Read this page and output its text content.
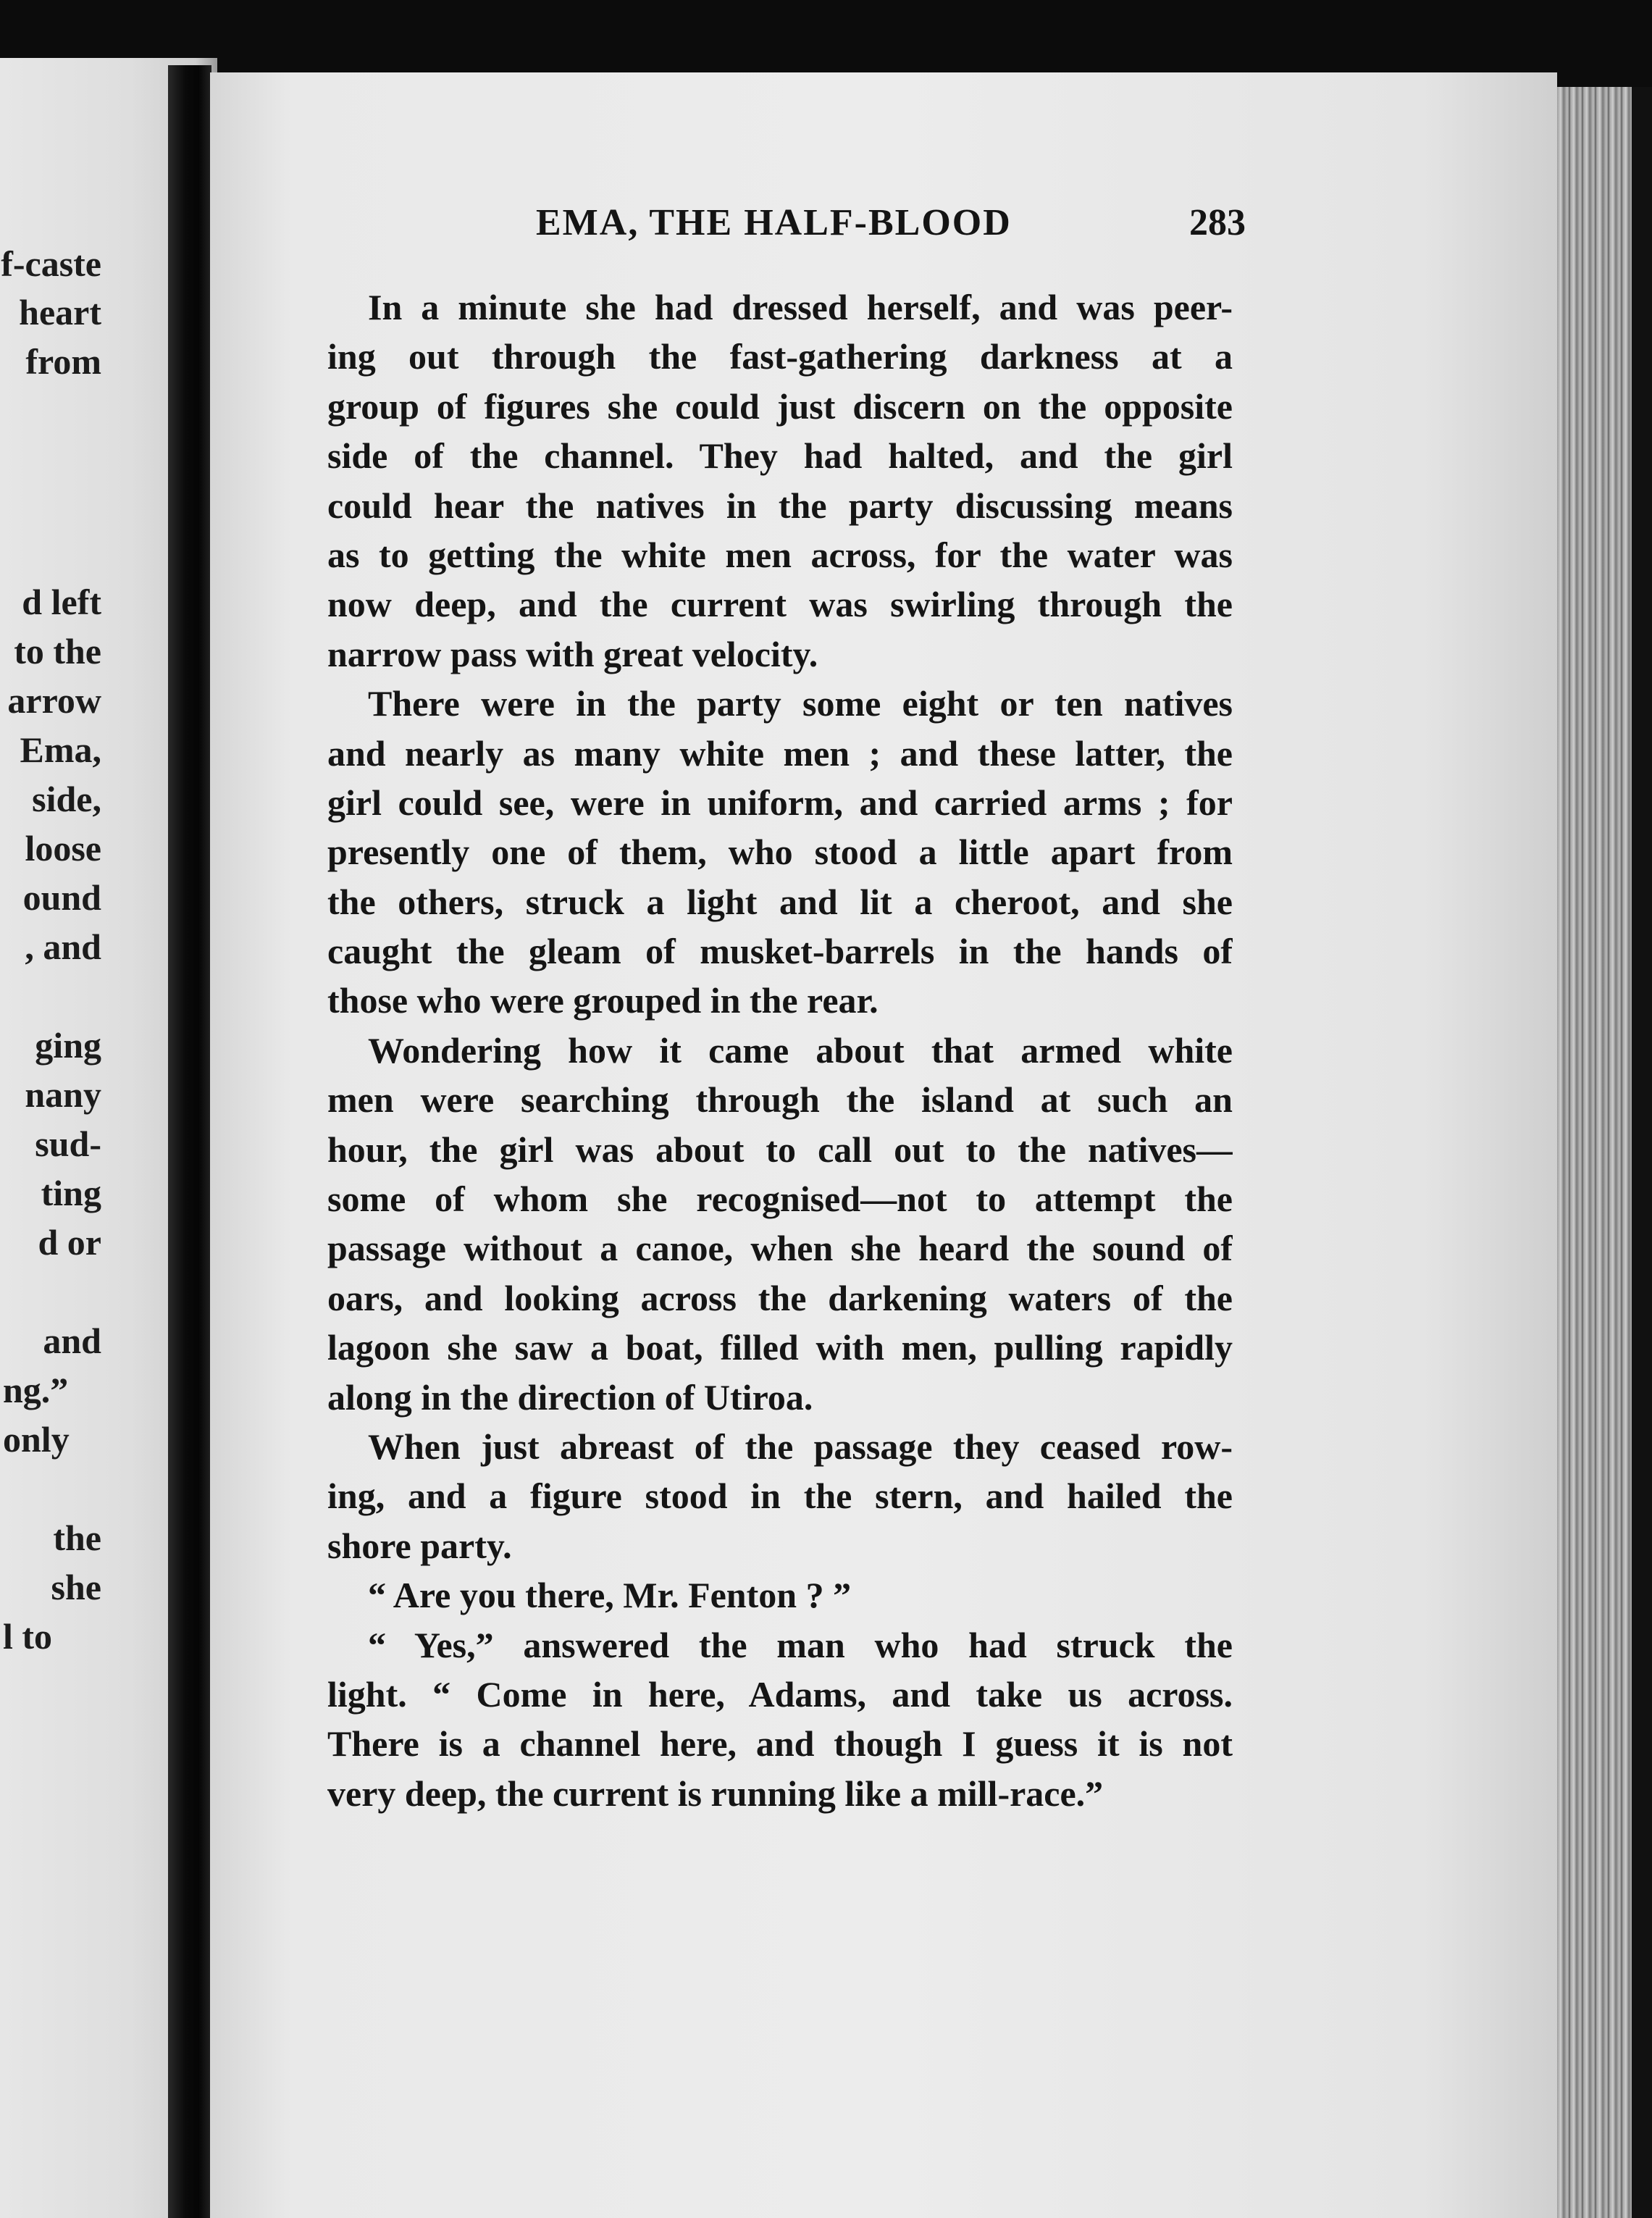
f-caste
heart
from
d left
to the
arrow
Ema,
side,
loose
ound
, and
ging
nany
sud-
ting
d or
and
ng.”
only
the
she
l to
EMA, THE HALF-BLOOD	283
In a minute she had dressed herself, and was peer-
ing out through the fast-gathering darkness at a
group of figures she could just discern on the opposite
side of the channel. They had halted, and the girl
could hear the natives in the party discussing means
as to getting the white men across, for the water was
now deep, and the current was swirling through the
narrow pass with great velocity.
There were in the party some eight or ten natives
and nearly as many white men ; and these latter, the
girl could see, were in uniform, and carried arms ; for
presently one of them, who stood a little apart from
the others, struck a light and lit a cheroot, and she
caught the gleam of musket-barrels in the hands of
those who were grouped in the rear.
Wondering how it came about that armed white
men were searching through the island at such an
hour, the girl was about to call out to the natives—
some of whom she recognised—not to attempt the
passage without a canoe, when she heard the sound of
oars, and looking across the darkening waters of the
lagoon she saw a boat, filled with men, pulling rapidly
along in the direction of Utiroa.
When just abreast of the passage they ceased row-
ing, and a figure stood in the stern, and hailed the
shore party.
“ Are you there, Mr. Fenton ? ”
“ Yes,” answered the man who had struck the
light. “ Come in here, Adams, and take us across.
There is a channel here, and though I guess it is not
very deep, the current is running like a mill-race.”
